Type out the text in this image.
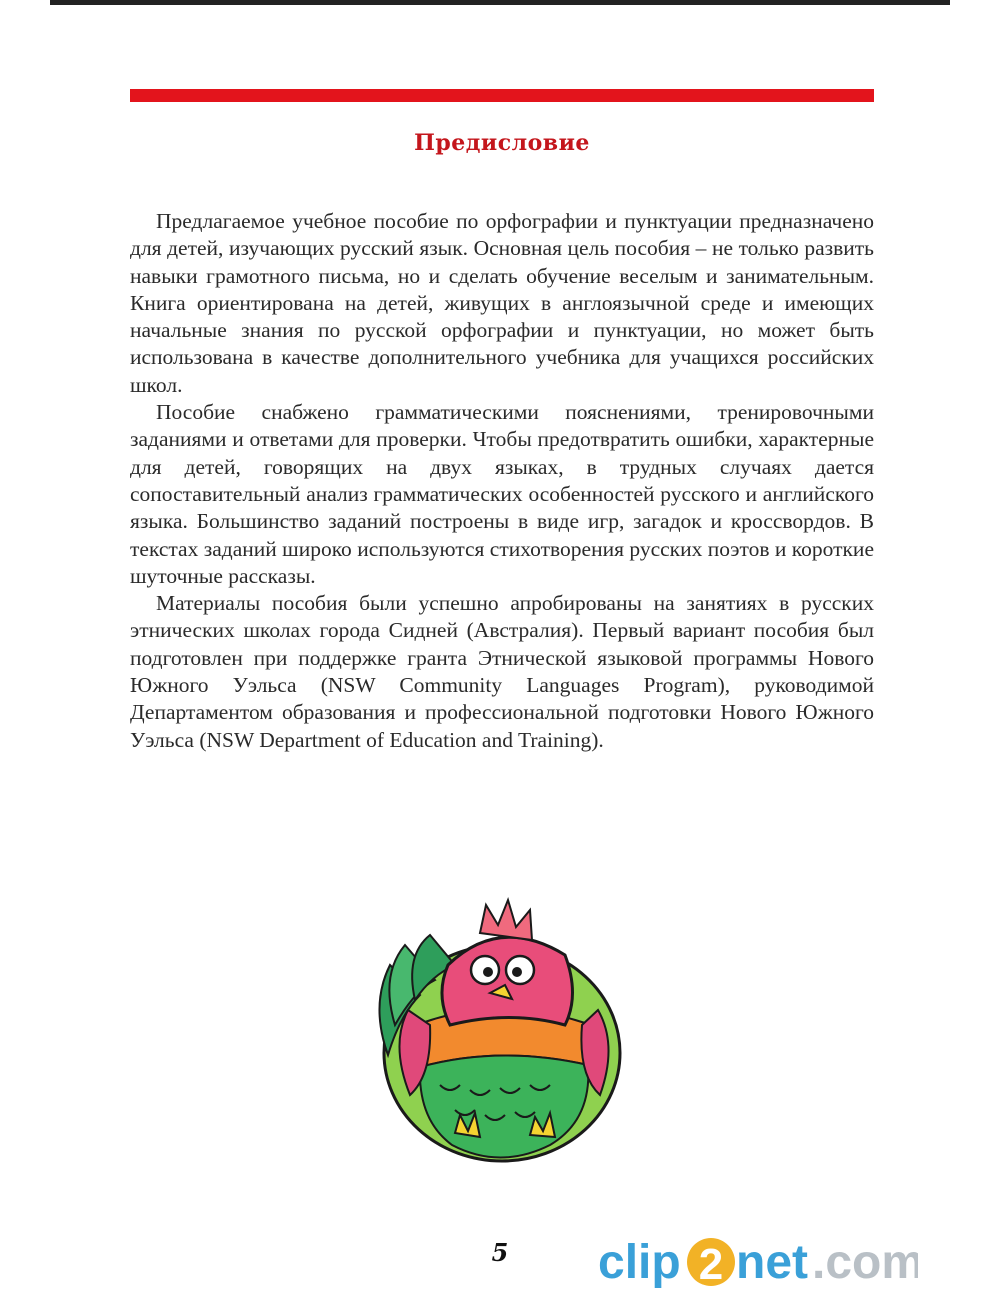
Предисловие

Предлагаемое учебное пособие по орфографии и пунктуации предназначено для детей, изучающих русский язык. Основная цель пособия – не только развить навыки грамотного письма, но и сделать обучение веселым и занимательным. Книга ориентирована на детей, живущих в англоязычной среде и имеющих начальные знания по русской орфографии и пунктуации, но может быть использована в качестве дополнительного учебника для учащихся российских школ.

Пособие снабжено грамматическими пояснениями, тренировочными заданиями и ответами для проверки. Чтобы предотвратить ошибки, характерные для детей, говорящих на двух языках, в трудных случаях дается сопоставительный анализ грамматических особенностей русского и английского языка. Большинство заданий построены в виде игр, загадок и кроссвордов. В текстах заданий широко используются стихотворения русских поэтов и короткие шуточные рассказы.

Материалы пособия были успешно апробированы на занятиях в русских этнических школах города Сидней (Австралия). Первый вариант пособия был подготовлен при поддержке гранта Этнической языковой программы Нового Южного Уэльса (NSW Community Languages Program), руководимой Департаментом образования и профессиональной подготовки Нового Южного Уэльса (NSW Department of Education and Training).

5 clip 2 net .com
